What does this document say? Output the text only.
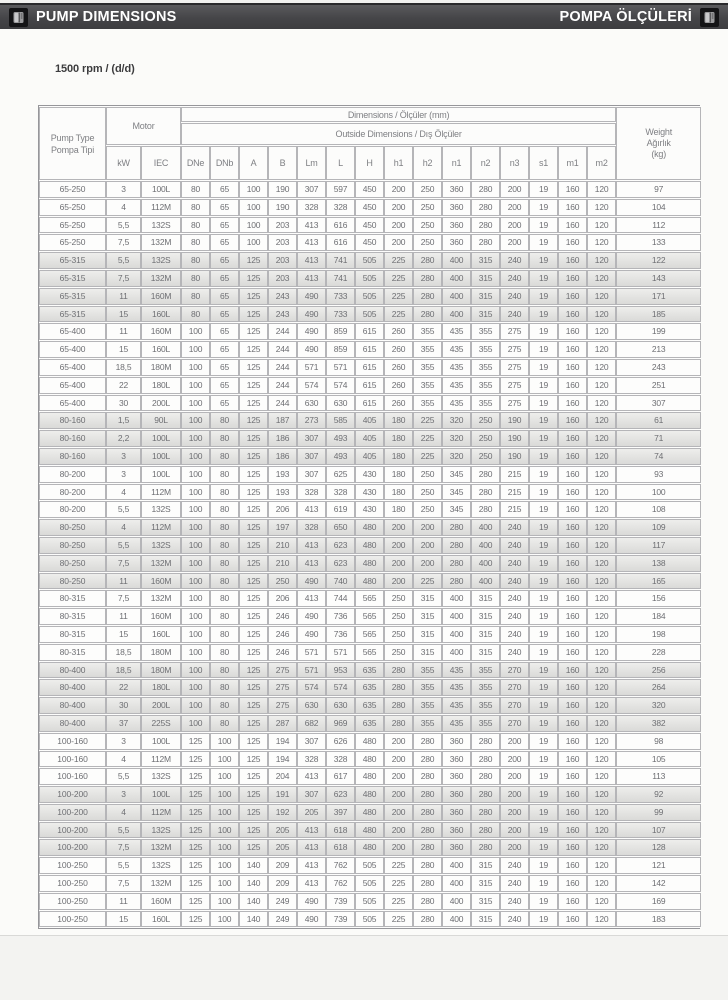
PUMP DIMENSIONS	POMPA ÖLÇÜLERİ
1500 rpm / (d/d)
Pump Type
Pompa Tipi	Motor		Dimensions / Ölçüler (mm)															Weight
Ağırlık
(kg)
			Outside Dimensions / Dış Ölçüler															
	kW	IEC	DNe	DNb	A	B	Lm	L	H	h1	h2	n1	n2	n3	s1	m1	m2	
65-250	3	100L	80	65	100	190	307	597	450	200	250	360	280	200	19	160	120	97
65-250	4	112M	80	65	100	190	328	328	450	200	250	360	280	200	19	160	120	104
65-250	5,5	132S	80	65	100	203	413	616	450	200	250	360	280	200	19	160	120	112
65-250	7,5	132M	80	65	100	203	413	616	450	200	250	360	280	200	19	160	120	133
65-315	5,5	132S	80	65	125	203	413	741	505	225	280	400	315	240	19	160	120	122
65-315	7,5	132M	80	65	125	203	413	741	505	225	280	400	315	240	19	160	120	143
65-315	11	160M	80	65	125	243	490	733	505	225	280	400	315	240	19	160	120	171
65-315	15	160L	80	65	125	243	490	733	505	225	280	400	315	240	19	160	120	185
65-400	11	160M	100	65	125	244	490	859	615	260	355	435	355	275	19	160	120	199
65-400	15	160L	100	65	125	244	490	859	615	260	355	435	355	275	19	160	120	213
65-400	18,5	180M	100	65	125	244	571	571	615	260	355	435	355	275	19	160	120	243
65-400	22	180L	100	65	125	244	574	574	615	260	355	435	355	275	19	160	120	251
65-400	30	200L	100	65	125	244	630	630	615	260	355	435	355	275	19	160	120	307
80-160	1,5	90L	100	80	125	187	273	585	405	180	225	320	250	190	19	160	120	61
80-160	2,2	100L	100	80	125	186	307	493	405	180	225	320	250	190	19	160	120	71
80-160	3	100L	100	80	125	186	307	493	405	180	225	320	250	190	19	160	120	74
80-200	3	100L	100	80	125	193	307	625	430	180	250	345	280	215	19	160	120	93
80-200	4	112M	100	80	125	193	328	328	430	180	250	345	280	215	19	160	120	100
80-200	5,5	132S	100	80	125	206	413	619	430	180	250	345	280	215	19	160	120	108
80-250	4	112M	100	80	125	197	328	650	480	200	200	280	400	240	19	160	120	109
80-250	5,5	132S	100	80	125	210	413	623	480	200	200	280	400	240	19	160	120	117
80-250	7,5	132M	100	80	125	210	413	623	480	200	200	280	400	240	19	160	120	138
80-250	11	160M	100	80	125	250	490	740	480	200	225	280	400	240	19	160	120	165
80-315	7,5	132M	100	80	125	206	413	744	565	250	315	400	315	240	19	160	120	156
80-315	11	160M	100	80	125	246	490	736	565	250	315	400	315	240	19	160	120	184
80-315	15	160L	100	80	125	246	490	736	565	250	315	400	315	240	19	160	120	198
80-315	18,5	180M	100	80	125	246	571	571	565	250	315	400	315	240	19	160	120	228
80-400	18,5	180M	100	80	125	275	571	953	635	280	355	435	355	270	19	160	120	256
80-400	22	180L	100	80	125	275	574	574	635	280	355	435	355	270	19	160	120	264
80-400	30	200L	100	80	125	275	630	630	635	280	355	435	355	270	19	160	120	320
80-400	37	225S	100	80	125	287	682	969	635	280	355	435	355	270	19	160	120	382
100-160	3	100L	125	100	125	194	307	626	480	200	280	360	280	200	19	160	120	98
100-160	4	112M	125	100	125	194	328	328	480	200	280	360	280	200	19	160	120	105
100-160	5,5	132S	125	100	125	204	413	617	480	200	280	360	280	200	19	160	120	113
100-200	3	100L	125	100	125	191	307	623	480	200	280	360	280	200	19	160	120	92
100-200	4	112M	125	100	125	192	205	397	480	200	280	360	280	200	19	160	120	99
100-200	5,5	132S	125	100	125	205	413	618	480	200	280	360	280	200	19	160	120	107
100-200	7,5	132M	125	100	125	205	413	618	480	200	280	360	280	200	19	160	120	128
100-250	5,5	132S	125	100	140	209	413	762	505	225	280	400	315	240	19	160	120	121
100-250	7,5	132M	125	100	140	209	413	762	505	225	280	400	315	240	19	160	120	142
100-250	11	160M	125	100	140	249	490	739	505	225	280	400	315	240	19	160	120	169
100-250	15	160L	125	100	140	249	490	739	505	225	280	400	315	240	19	160	120	183
